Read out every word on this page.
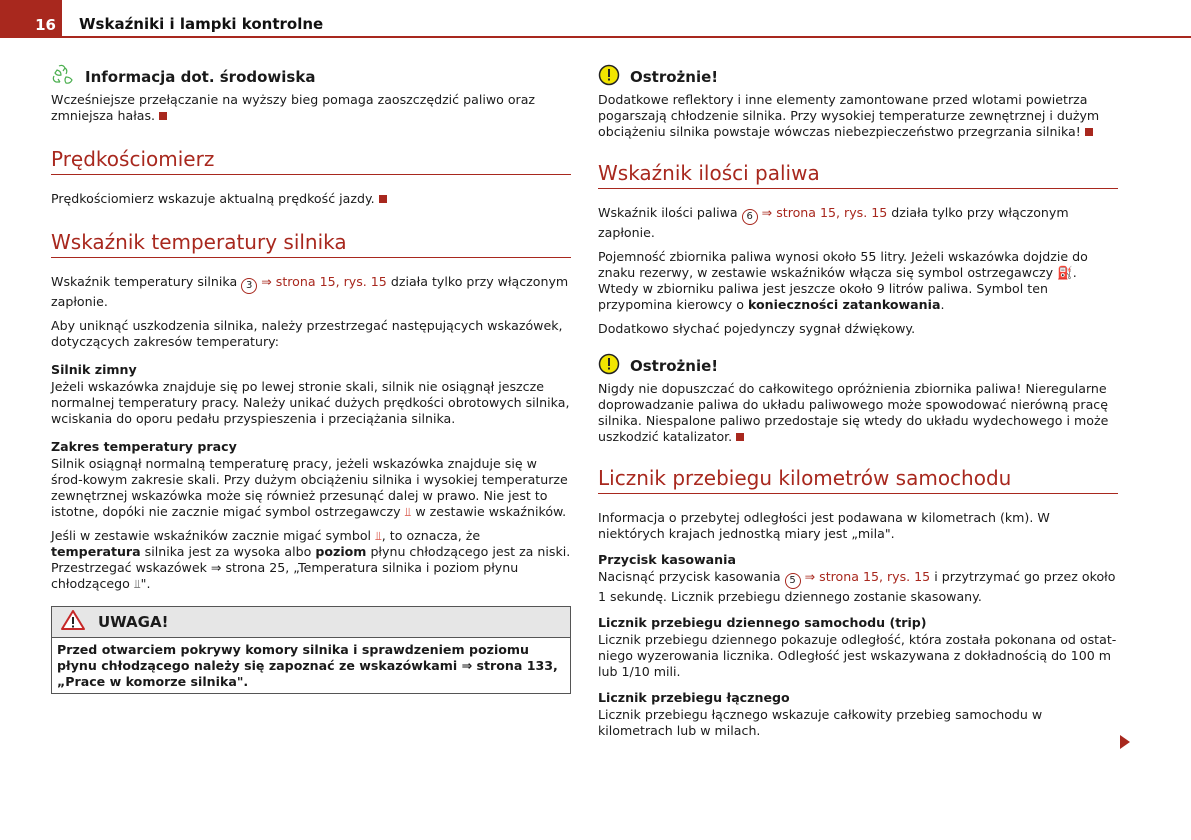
16 Wskaźniki i lampki kontrolne
Informacja dot. środowiska

Wcześniejsze przełączanie na wyższy bieg pomaga zaoszczędzić paliwo oraz zmniejsza hałas.

Prędkościomierz

Prędkościomierz wskazuje aktualną prędkość jazdy.

Wskaźnik temperatury silnika

Wskaźnik temperatury silnika 3 ⇒ strona 15, rys. 15 działa tylko przy włączonym zapłonie.

Aby uniknąć uszkodzenia silnika, należy przestrzegać następujących wskazówek, dotyczących zakresów temperatury:

Silnik zimny

Jeżeli wskazówka znajduje się po lewej stronie skali, silnik nie osiągnął jeszcze normalnej temperatury pracy. Należy unikać dużych prędkości obrotowych silnika, wciskania do oporu pedału przyspieszenia i przeciążania silnika.

Zakres temperatury pracy

Silnik osiągnął normalną temperaturę pracy, jeżeli wskazówka znajduje się w środ-kowym zakresie skali. Przy dużym obciążeniu silnika i wysokiej temperaturze zewnętrznej wskazówka może się również przesunąć dalej w prawo. Nie jest to istotne, dopóki nie zacznie migać symbol ostrzegawczy ⫫ w zestawie wskaźników.

Jeśli w zestawie wskaźników zacznie migać symbol ⫫, to oznacza, że temperatura silnika jest za wysoka albo poziom płynu chłodzącego jest za niski. Przestrzegać wskazówek ⇒ strona 25, „Temperatura silnika i poziom płynu chłodzącego ⫫".

UWAGA!
Przed otwarciem pokrywy komory silnika i sprawdzeniem poziomu płynu chłodzącego należy się zapoznać ze wskazówkami ⇒ strona 133, „Prace w komorze silnika".
Ostrożnie!

Dodatkowe reflektory i inne elementy zamontowane przed wlotami powietrza pogarszają chłodzenie silnika. Przy wysokiej temperaturze zewnętrznej i dużym obciążeniu silnika powstaje wówczas niebezpieczeństwo przegrzania silnika!

Wskaźnik ilości paliwa

Wskaźnik ilości paliwa 6 ⇒ strona 15, rys. 15 działa tylko przy włączonym zapłonie.

Pojemność zbiornika paliwa wynosi około 55 litry. Jeżeli wskazówka dojdzie do znaku rezerwy, w zestawie wskaźników włącza się symbol ostrzegawczy ⛽. Wtedy w zbiorniku paliwa jest jeszcze około 9 litrów paliwa. Symbol ten przypomina kierowcy o konieczności zatankowania.

Dodatkowo słychać pojedynczy sygnał dźwiękowy.

Ostrożnie!

Nigdy nie dopuszczać do całkowitego opróżnienia zbiornika paliwa! Nieregularne doprowadzanie paliwa do układu paliwowego może spowodować nierówną pracę silnika. Niespalone paliwo przedostaje się wtedy do układu wydechowego i może uszkodzić katalizator.

Licznik przebiegu kilometrów samochodu

Informacja o przebytej odległości jest podawana w kilometrach (km). W niektórych krajach jednostką miary jest „mila".

Przycisk kasowania

Nacisnąć przycisk kasowania 5 ⇒ strona 15, rys. 15 i przytrzymać go przez około 1 sekundę. Licznik przebiegu dziennego zostanie skasowany.

Licznik przebiegu dziennego samochodu (trip)

Licznik przebiegu dziennego pokazuje odległość, która została pokonana od ostat-niego wyzerowania licznika. Odległość jest wskazywana z dokładnością do 100 m lub 1/10 mili.

Licznik przebiegu łącznego

Licznik przebiegu łącznego wskazuje całkowity przebieg samochodu w kilometrach lub w milach.
